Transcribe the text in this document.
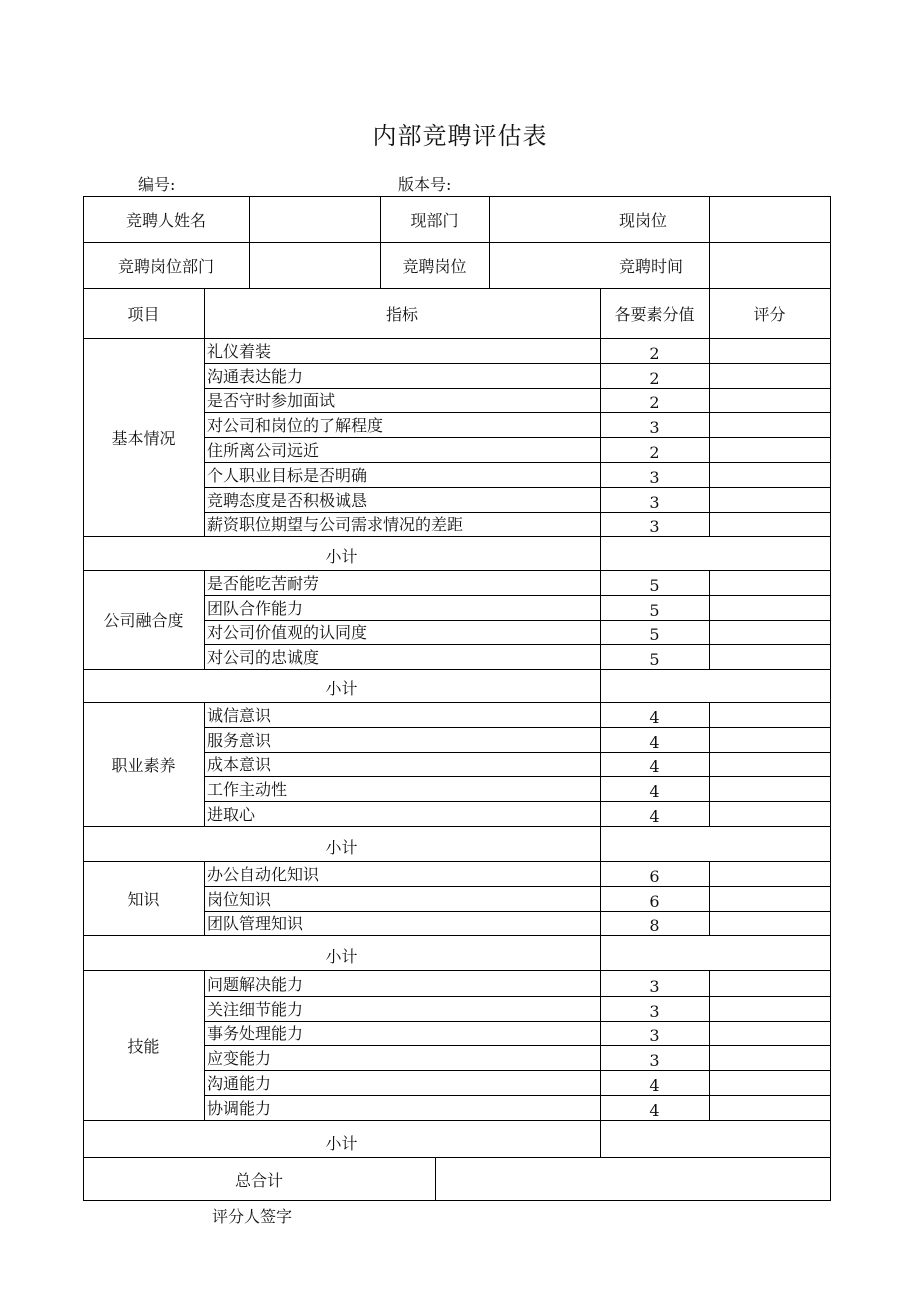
内部竞聘评估表
编号:	版本号:
竞聘人姓名	现部门	现岗位
竞聘岗位部门	竞聘岗位	竞聘时间
项目	指标	各要素分值	评分
基本情况
礼仪着装	2
沟通表达能力	2
是否守时参加面试	2
对公司和岗位的了解程度	3
住所离公司远近	2
个人职业目标是否明确	3
竞聘态度是否积极诚恳	3
薪资职位期望与公司需求情况的差距	3
小计
公司融合度
是否能吃苦耐劳	5
团队合作能力	5
对公司价值观的认同度	5
对公司的忠诚度	5
小计
职业素养
诚信意识	4
服务意识	4
成本意识	4
工作主动性	4
进取心	4
小计
知识
办公自动化知识	6
岗位知识	6
团队管理知识	8
小计
技能
问题解决能力	3
关注细节能力	3
事务处理能力	3
应变能力	3
沟通能力	4
协调能力	4
小计
总合计
评分人签字
